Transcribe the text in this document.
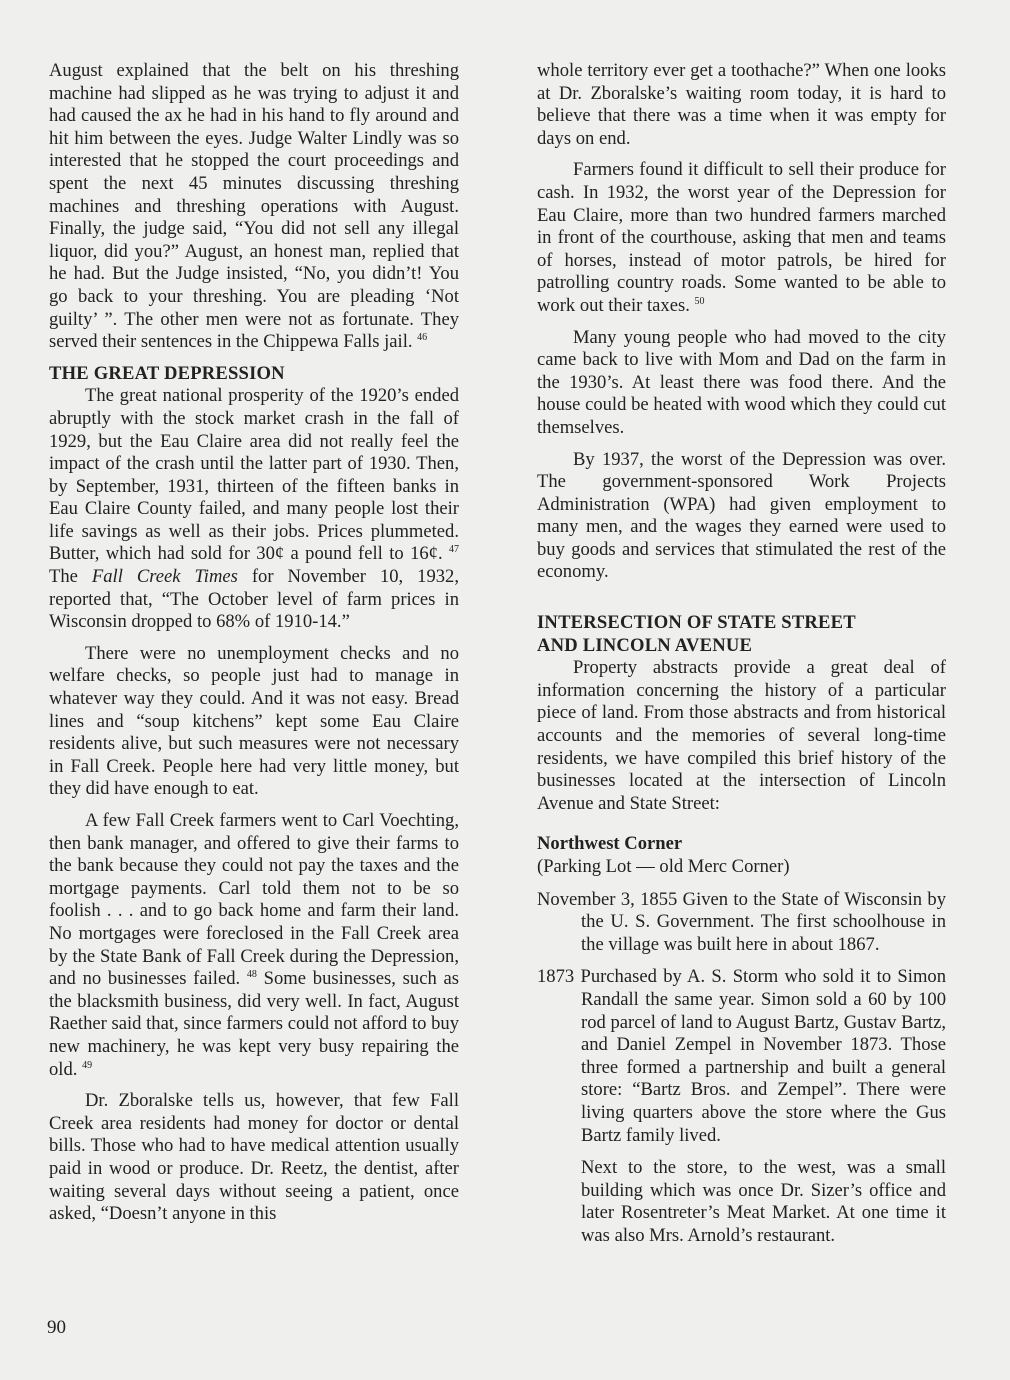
August explained that the belt on his threshing machine had slipped as he was trying to adjust it and had caused the ax he had in his hand to fly around and hit him between the eyes. Judge Walter Lindly was so interested that he stopped the court proceedings and spent the next 45 minutes discussing threshing machines and threshing operations with August. Finally, the judge said, “You did not sell any illegal liquor, did you?” August, an honest man, replied that he had. But the Judge insisted, “No, you didn’t! You go back to your threshing. You are pleading ‘Not guilty’ ”. The other men were not as fortunate. They served their sentences in the Chippewa Falls jail. $^{46}$

THE GREAT DEPRESSION

The great national prosperity of the 1920’s ended abruptly with the stock market crash in the fall of 1929, but the Eau Claire area did not really feel the impact of the crash until the latter part of 1930. Then, by September, 1931, thirteen of the fifteen banks in Eau Claire County failed, and many people lost their life savings as well as their jobs. Prices plummeted. Butter, which had sold for 30¢ a pound fell to 16¢. $^{47}$ The Fall Creek Times for November 10, 1932, reported that, “The October level of farm prices in Wisconsin dropped to 68% of 1910-14.”

There were no unemployment checks and no welfare checks, so people just had to manage in whatever way they could. And it was not easy. Bread lines and “soup kitchens” kept some Eau Claire residents alive, but such measures were not necessary in Fall Creek. People here had very little money, but they did have enough to eat.

A few Fall Creek farmers went to Carl Voechting, then bank manager, and offered to give their farms to the bank because they could not pay the taxes and the mortgage payments. Carl told them not to be so foolish . . . and to go back home and farm their land. No mortgages were foreclosed in the Fall Creek area by the State Bank of Fall Creek during the Depression, and no businesses failed. $^{48}$ Some businesses, such as the blacksmith business, did very well. In fact, August Raether said that, since farmers could not afford to buy new machinery, he was kept very busy repairing the old. $^{49}$

Dr. Zboralske tells us, however, that few Fall Creek area residents had money for doctor or dental bills. Those who had to have medical attention usually paid in wood or produce. Dr. Reetz, the dentist, after waiting several days without seeing a patient, once asked, “Doesn’t anyone in this

whole territory ever get a toothache?” When one looks at Dr. Zboralske’s waiting room today, it is hard to believe that there was a time when it was empty for days on end.

Farmers found it difficult to sell their produce for cash. In 1932, the worst year of the Depression for Eau Claire, more than two hundred farmers marched in front of the courthouse, asking that men and teams of horses, instead of motor patrols, be hired for patrolling country roads. Some wanted to be able to work out their taxes. $^{50}$

Many young people who had moved to the city came back to live with Mom and Dad on the farm in the 1930’s. At least there was food there. And the house could be heated with wood which they could cut themselves.

By 1937, the worst of the Depression was over. The government-sponsored Work Projects Administration (WPA) had given employment to many men, and the wages they earned were used to buy goods and services that stimulated the rest of the economy.

INTERSECTION OF STATE STREET
AND LINCOLN AVENUE

Property abstracts provide a great deal of information concerning the history of a particular piece of land. From those abstracts and from historical accounts and the memories of several long-time residents, we have compiled this brief history of the businesses located at the intersection of Lincoln Avenue and State Street:

Northwest Corner

(Parking Lot — old Merc Corner)

November 3, 1855 Given to the State of Wisconsin by the U. S. Government. The first schoolhouse in the village was built here in about 1867.

1873 Purchased by A. S. Storm who sold it to Simon Randall the same year. Simon sold a 60 by 100 rod parcel of land to August Bartz, Gustav Bartz, and Daniel Zempel in November 1873. Those three formed a partnership and built a general store: “Bartz Bros. and Zempel”. There were living quarters above the store where the Gus Bartz family lived.

Next to the store, to the west, was a small building which was once Dr. Sizer’s office and later Rosentreter’s Meat Market. At one time it was also Mrs. Arnold’s restaurant.

90
